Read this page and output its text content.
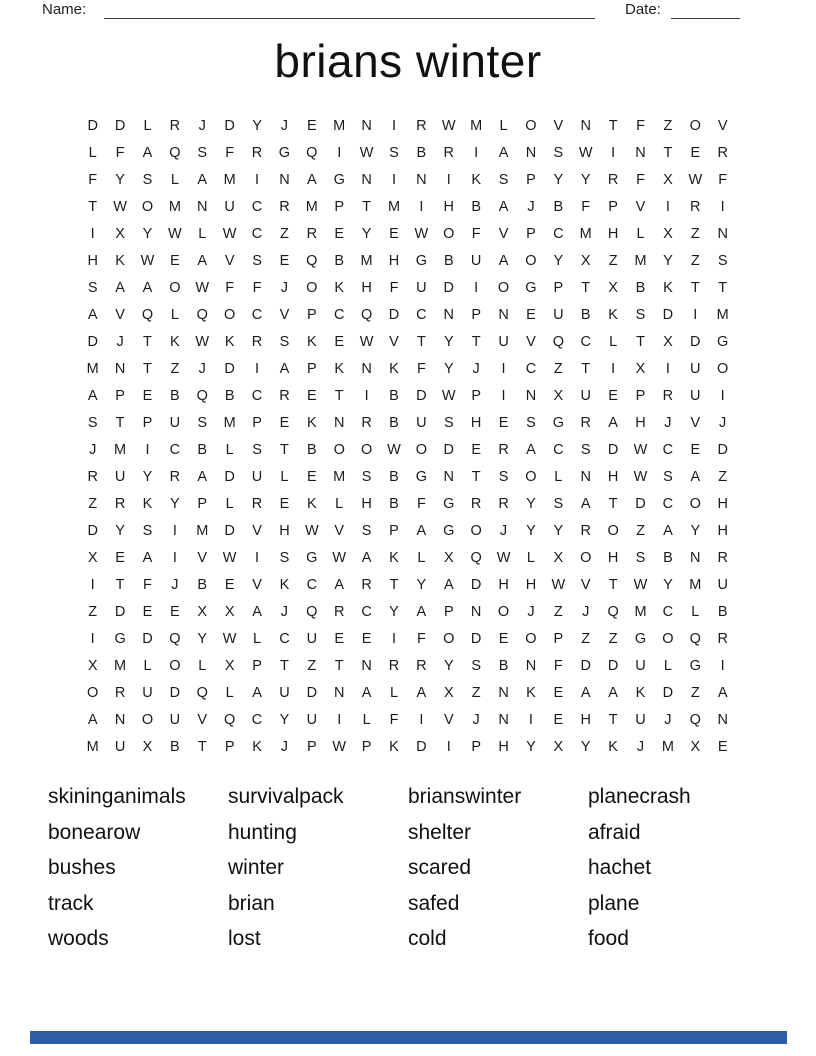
Name:	Date:
brians winter
D	D	L	R	J	D	Y	J	E	M	N	I	R	W	M	L	O	V	N	T	F	Z	O	V
L	F	A	Q	S	F	R	G	Q	I	W	S	B	R	I	A	N	S	W	I	N	T	E	R
F	Y	S	L	A	M	I	N	A	G	N	I	N	I	K	S	P	Y	Y	R	F	X	W	F
T	W	O	M	N	U	C	R	M	P	T	M	I	H	B	A	J	B	F	P	V	I	R	I
I	X	Y	W	L	W	C	Z	R	E	Y	E	W	O	F	V	P	C	M	H	L	X	Z	N
H	K	W	E	A	V	S	E	Q	B	M	H	G	B	U	A	O	Y	X	Z	M	Y	Z	S
S	A	A	O	W	F	F	J	O	K	H	F	U	D	I	O	G	P	T	X	B	K	T	T
A	V	Q	L	Q	O	C	V	P	C	Q	D	C	N	P	N	E	U	B	K	S	D	I	M
D	J	T	K	W	K	R	S	K	E	W	V	T	Y	T	U	V	Q	C	L	T	X	D	G
M	N	T	Z	J	D	I	A	P	K	N	K	F	Y	J	I	C	Z	T	I	X	I	U	O
A	P	E	B	Q	B	C	R	E	T	I	B	D	W	P	I	N	X	U	E	P	R	U	I
S	T	P	U	S	M	P	E	K	N	R	B	U	S	H	E	S	G	R	A	H	J	V	J
J	M	I	C	B	L	S	T	B	O	O	W	O	D	E	R	A	C	S	D	W	C	E	D
R	U	Y	R	A	D	U	L	E	M	S	B	G	N	T	S	O	L	N	H	W	S	A	Z
Z	R	K	Y	P	L	R	E	K	L	H	B	F	G	R	R	Y	S	A	T	D	C	O	H
D	Y	S	I	M	D	V	H	W	V	S	P	A	G	O	J	Y	Y	R	O	Z	A	Y	H
X	E	A	I	V	W	I	S	G	W	A	K	L	X	Q	W	L	X	O	H	S	B	N	R
I	T	F	J	B	E	V	K	C	A	R	T	Y	A	D	H	H	W	V	T	W	Y	M	U
Z	D	E	E	X	X	A	J	Q	R	C	Y	A	P	N	O	J	Z	J	Q	M	C	L	B
I	G	D	Q	Y	W	L	C	U	E	E	I	F	O	D	E	O	P	Z	Z	G	O	Q	R
X	M	L	O	L	X	P	T	Z	T	N	R	R	Y	S	B	N	F	D	D	U	L	G	I
O	R	U	D	Q	L	A	U	D	N	A	L	A	X	Z	N	K	E	A	A	K	D	Z	A
A	N	O	U	V	Q	C	Y	U	I	L	F	I	V	J	N	I	E	H	T	U	J	Q	N
M	U	X	B	T	P	K	J	P	W	P	K	D	I	P	H	Y	X	Y	K	J	M	X	E
skininganimals
bonearow
bushes
track
woods
survivalpack
hunting
winter
brian
lost
brianswinter
shelter
scared
safed
cold
planecrash
afraid
hachet
plane
food
